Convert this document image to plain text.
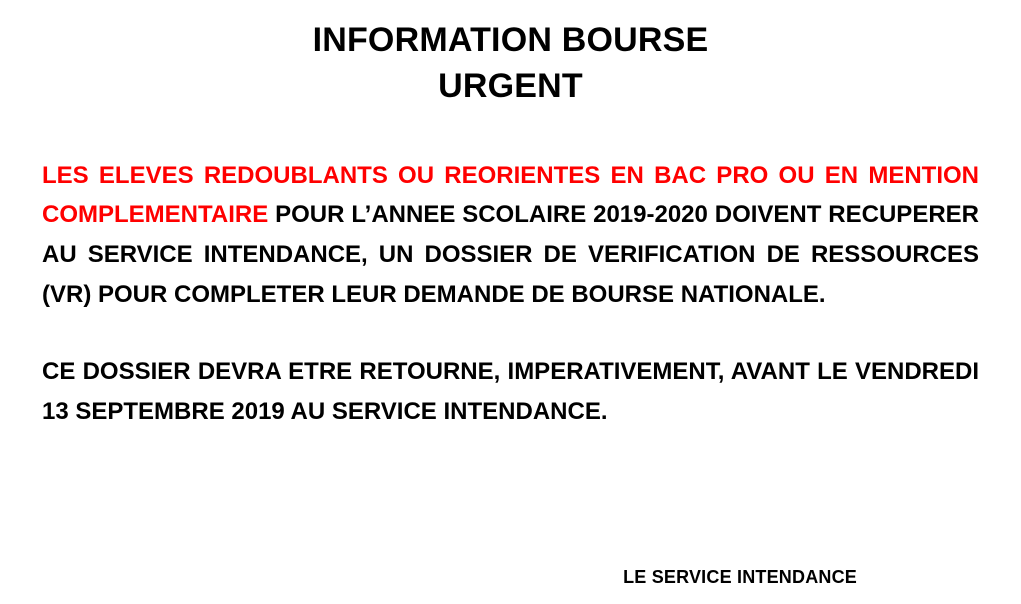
INFORMATION BOURSE
URGENT

LES ELEVES REDOUBLANTS OU REORIENTES EN BAC PRO OU EN MENTION COMPLEMENTAIRE POUR L’ANNEE SCOLAIRE 2019-2020 DOIVENT RECUPERER AU SERVICE INTENDANCE, UN DOSSIER DE VERIFICATION DE RESSOURCES (VR) POUR COMPLETER LEUR DEMANDE DE BOURSE NATIONALE.

CE DOSSIER DEVRA ETRE RETOURNE, IMPERATIVEMENT, AVANT LE VENDREDI 13 SEPTEMBRE 2019 AU SERVICE INTENDANCE.

LE SERVICE INTENDANCE
